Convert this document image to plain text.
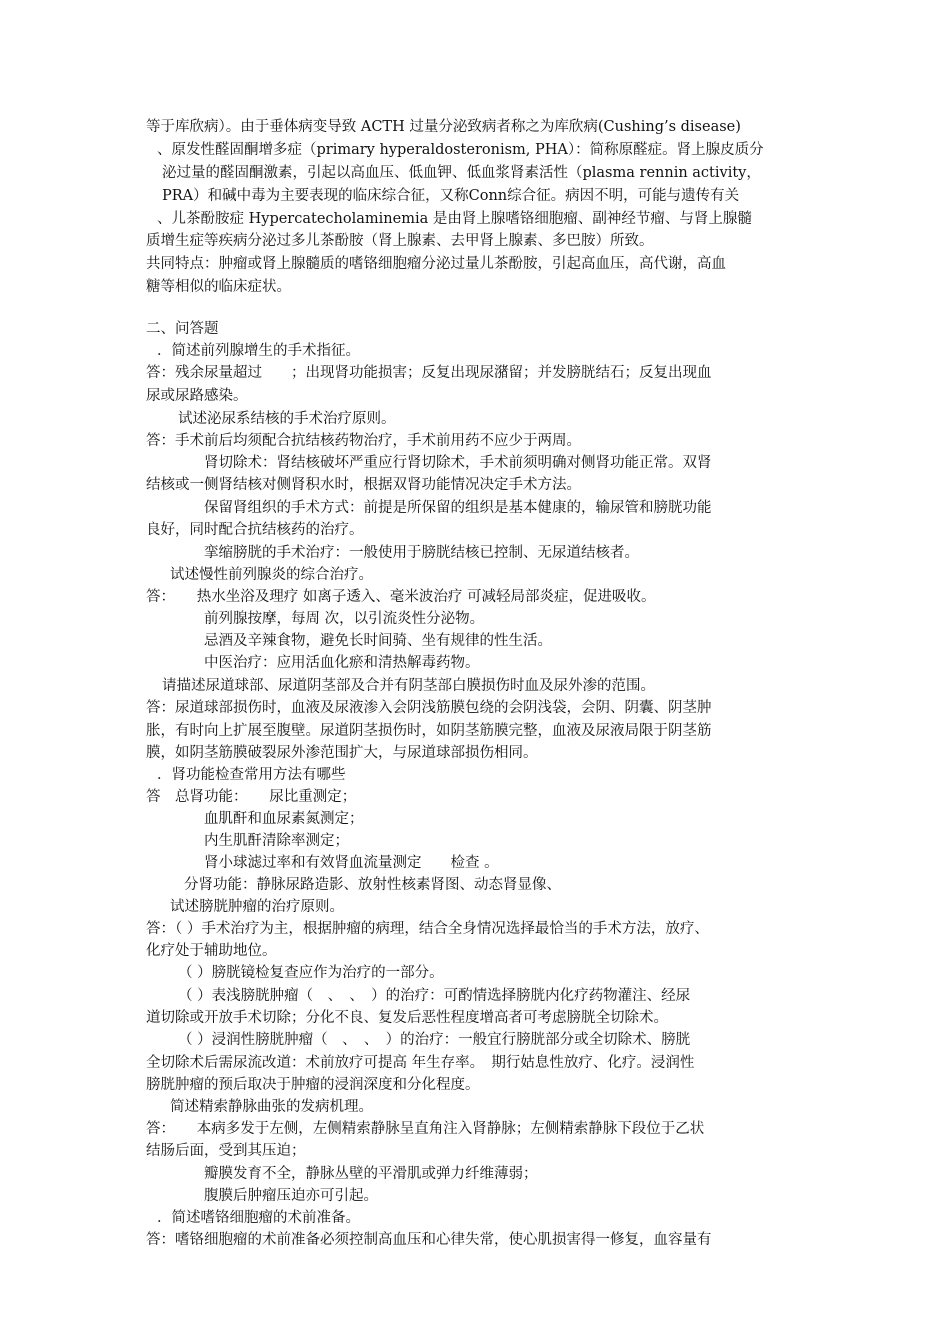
等于库欣病）。由于垂体病变导致 ACTH 过量分泌致病者称之为库欣病(Cushing’s disease)
、原发性醛固酮增多症（primary hyperaldosteronism, PHA）：简称原醛症。肾上腺皮质分
泌过量的醛固酮激素，引起以高血压、低血钾、低血浆肾素活性（plasma rennin activity，
PRA）和碱中毒为主要表现的临床综合征，又称Conn综合征。病因不明，可能与遗传有关
、儿茶酚胺症 Hypercatecholaminemia 是由肾上腺嗜铬细胞瘤、副神经节瘤、与肾上腺髓
质增生症等疾病分泌过多儿茶酚胺（肾上腺素、去甲肾上腺素、多巴胺）所致。
共同特点：肿瘤或肾上腺髓质的嗜铬细胞瘤分泌过量儿茶酚胺，引起高血压，高代谢，高血
糖等相似的临床症状。
二、问答题
．简述前列腺增生的手术指征。
答：残余尿量超过　　；出现肾功能损害；反复出现尿潴留；并发膀胱结石；反复出现血
尿或尿路感染。
试述泌尿系结核的手术治疗原则。
答：手术前后均须配合抗结核药物治疗，手术前用药不应少于两周。
肾切除术：肾结核破坏严重应行肾切除术，手术前须明确对侧肾功能正常。双肾
结核或一侧肾结核对侧肾积水时，根据双肾功能情况决定手术方法。
保留肾组织的手术方式：前提是所保留的组织是基本健康的，输尿管和膀胱功能
良好，同时配合抗结核药的治疗。
挛缩膀胱的手术治疗：一般使用于膀胱结核已控制、无尿道结核者。
试述慢性前列腺炎的综合治疗。
答：　　热水坐浴及理疗 如离子透入、毫米波治疗 可减轻局部炎症，促进吸收。
前列腺按摩，每周 次，以引流炎性分泌物。
忌酒及辛辣食物，避免长时间骑、坐有规律的性生活。
中医治疗：应用活血化瘀和清热解毒药物。
请描述尿道球部、尿道阴茎部及合并有阴茎部白膜损伤时血及尿外渗的范围。
答：尿道球部损伤时，血液及尿液渗入会阴浅筋膜包绕的会阴浅袋，会阴、阴囊、阴茎肿
胀，有时向上扩展至腹壁。尿道阴茎损伤时，如阴茎筋膜完整，血液及尿液局限于阴茎筋
膜，如阴茎筋膜破裂尿外渗范围扩大，与尿道球部损伤相同。
．肾功能检查常用方法有哪些
答　总肾功能：　　尿比重测定；
血肌酐和血尿素氮测定；
内生肌酐清除率测定；
肾小球滤过率和有效肾血流量测定　　检查 。
分肾功能：静脉尿路造影、放射性核素肾图、动态肾显像、
试述膀胱肿瘤的治疗原则。
答：（ ）手术治疗为主，根据肿瘤的病理，结合全身情况选择最恰当的手术方法，放疗、
化疗处于辅助地位。
（ ）膀胱镜检复查应作为治疗的一部分。
（ ）表浅膀胱肿瘤（　、　、　）的治疗：可酌情选择膀胱内化疗药物灌注、经尿
道切除或开放手术切除；分化不良、复发后恶性程度增高者可考虑膀胱全切除术。
（ ）浸润性膀胱肿瘤（　、　、　）的治疗：一般宜行膀胱部分或全切除术、膀胱
全切除术后需尿流改道：术前放疗可提高 年生存率。　期行姑息性放疗、化疗。浸润性
膀胱肿瘤的预后取决于肿瘤的浸润深度和分化程度。
简述精索静脉曲张的发病机理。
答：　　本病多发于左侧，左侧精索静脉呈直角注入肾静脉；左侧精索静脉下段位于乙状
结肠后面，受到其压迫；
瓣膜发育不全，静脉丛壁的平滑肌或弹力纤维薄弱；
腹膜后肿瘤压迫亦可引起。
．简述嗜铬细胞瘤的术前准备。
答：嗜铬细胞瘤的术前准备必须控制高血压和心律失常，使心肌损害得一修复，血容量有
